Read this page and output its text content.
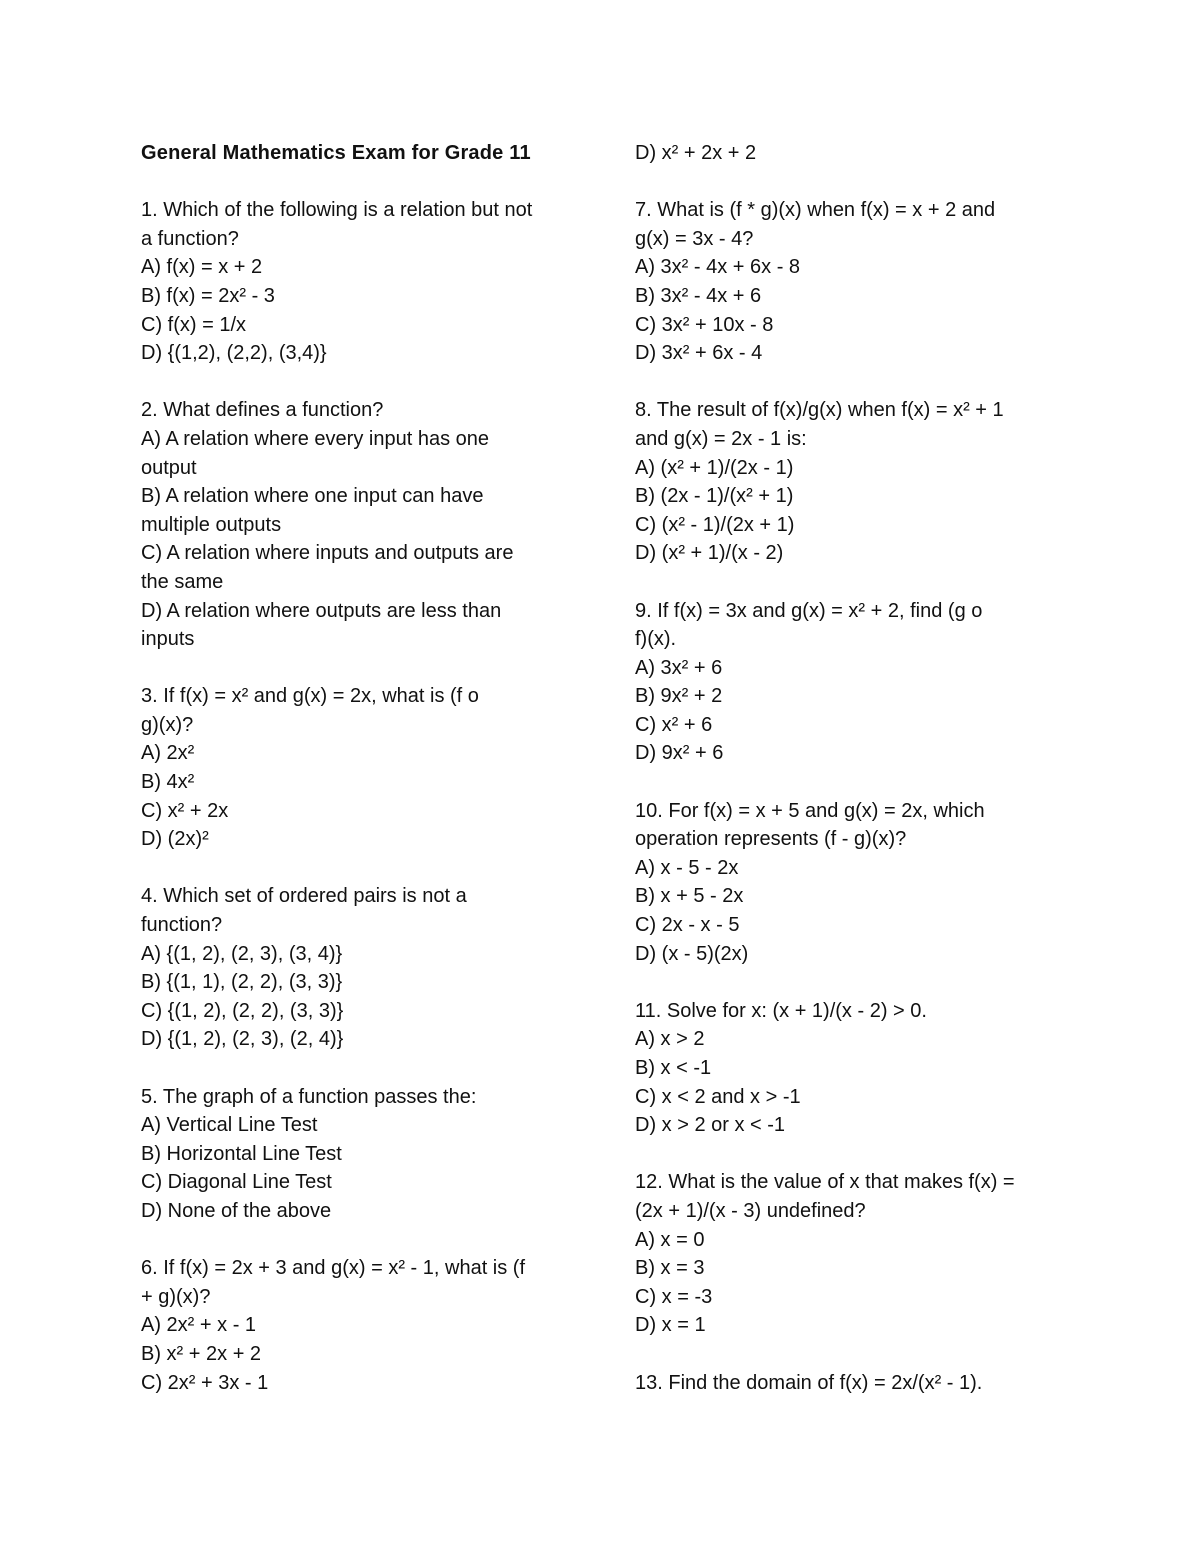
General Mathematics Exam for Grade 11
1. Which of the following is a relation but not
a function?
A) f(x) = x + 2
B) f(x) = 2x² - 3
C) f(x) = 1/x
D) {(1,2), (2,2), (3,4)}
2. What defines a function?
A) A relation where every input has one
output
B) A relation where one input can have
multiple outputs
C) A relation where inputs and outputs are
the same
D) A relation where outputs are less than
inputs
3. If f(x) = x² and g(x) = 2x, what is (f o
g)(x)?
A) 2x²
B) 4x²
C) x² + 2x
D) (2x)²
4. Which set of ordered pairs is not a
function?
A) {(1, 2), (2, 3), (3, 4)}
B) {(1, 1), (2, 2), (3, 3)}
C) {(1, 2), (2, 2), (3, 3)}
D) {(1, 2), (2, 3), (2, 4)}
5. The graph of a function passes the:
A) Vertical Line Test
B) Horizontal Line Test
C) Diagonal Line Test
D) None of the above
6. If f(x) = 2x + 3 and g(x) = x² - 1, what is (f
+ g)(x)?
A) 2x² + x - 1
B) x² + 2x + 2
C) 2x² + 3x - 1
D) x² + 2x + 2
7. What is (f * g)(x) when f(x) = x + 2 and
g(x) = 3x - 4?
A) 3x² - 4x + 6x - 8
B) 3x² - 4x + 6
C) 3x² + 10x - 8
D) 3x² + 6x - 4
8. The result of f(x)/g(x) when f(x) = x² + 1
and g(x) = 2x - 1 is:
A) (x² + 1)/(2x - 1)
B) (2x - 1)/(x² + 1)
C) (x² - 1)/(2x + 1)
D) (x² + 1)/(x - 2)
9. If f(x) = 3x and g(x) = x² + 2, find (g o
f)(x).
A) 3x² + 6
B) 9x² + 2
C) x² + 6
D) 9x² + 6
10. For f(x) = x + 5 and g(x) = 2x, which
operation represents (f - g)(x)?
A) x - 5 - 2x
B) x + 5 - 2x
C) 2x - x - 5
D) (x - 5)(2x)
11. Solve for x: (x + 1)/(x - 2) > 0.
A) x > 2
B) x < -1
C) x < 2 and x > -1
D) x > 2 or x < -1
12. What is the value of x that makes f(x) =
(2x + 1)/(x - 3) undefined?
A) x = 0
B) x = 3
C) x = -3
D) x = 1
13. Find the domain of f(x) = 2x/(x² - 1).
